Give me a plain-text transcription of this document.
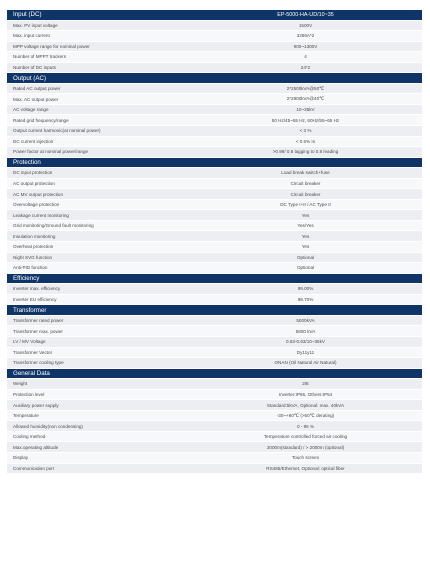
Input (DC)	EP-5000-HA-UD/10~35
Max. PV input voltage	1500V
Max. input current	3286A*2
MPP voltage range for nominal power	900~1300V
Number of MPPT trackers	4
Number of DC inputs	24*2
Output (AC)
Rated AC output power	2*2500kVA@50℃
Max. AC output power	2*2900kVA@40℃
AC voltage range	10~35kV
Rated grid frequency/range	50 Hz/45~55 Hz, 60Hz/55~65 Hz
Output current harmonic(at nominal power)	< 3 %
DC current injection	< 0.5% In
Power factor at nominal power/range	>0.99/ 0.8 lagging to 0.8 leading
Protection
DC input protection	Load break switch+fuse
AC output protection	Circuit breaker
AC MV output protection	Circuit breaker
Overvoltage protection	DC Type I+II / AC Type II
Leakage current monitoring	Yes
Grid monitoring/Ground fault monitoring	Yes/Yes
Insulation monitoring	Yes
Overheat protection	Yes
Night SVG function	Optional
Anti-PID function	Optional
Efficiency
Inverter max. efficiency	99.00%
Inverter EU efficiency	98.70%
Transformer
Transformer rated power	5000kVA
Transformer max. power	5800 kVA
LV / MV Voltage	0.63-0.63/10~35kV
Transformer Vector	Dy11y11
Transformer cooling type	ONAN (Oil Natural Air Natural)
General Data
Weight	28t
Protection level	Inverter:IP65, Others:IP54
Auxiliary power supply	Standard:5kVA, Optional: max. 40kVA
Temperature	-30~+60℃ (>50℃ derating)
Allowed humidity(non condensing)	0 - 95 %
Cooling method	Temperature controlled forced air cooling
Max.operating altitude	2000m(standard) / > 2000m (optional)
Display	Touch screen
Communication port	RS485/Ethernet, Optional: optical fiber
